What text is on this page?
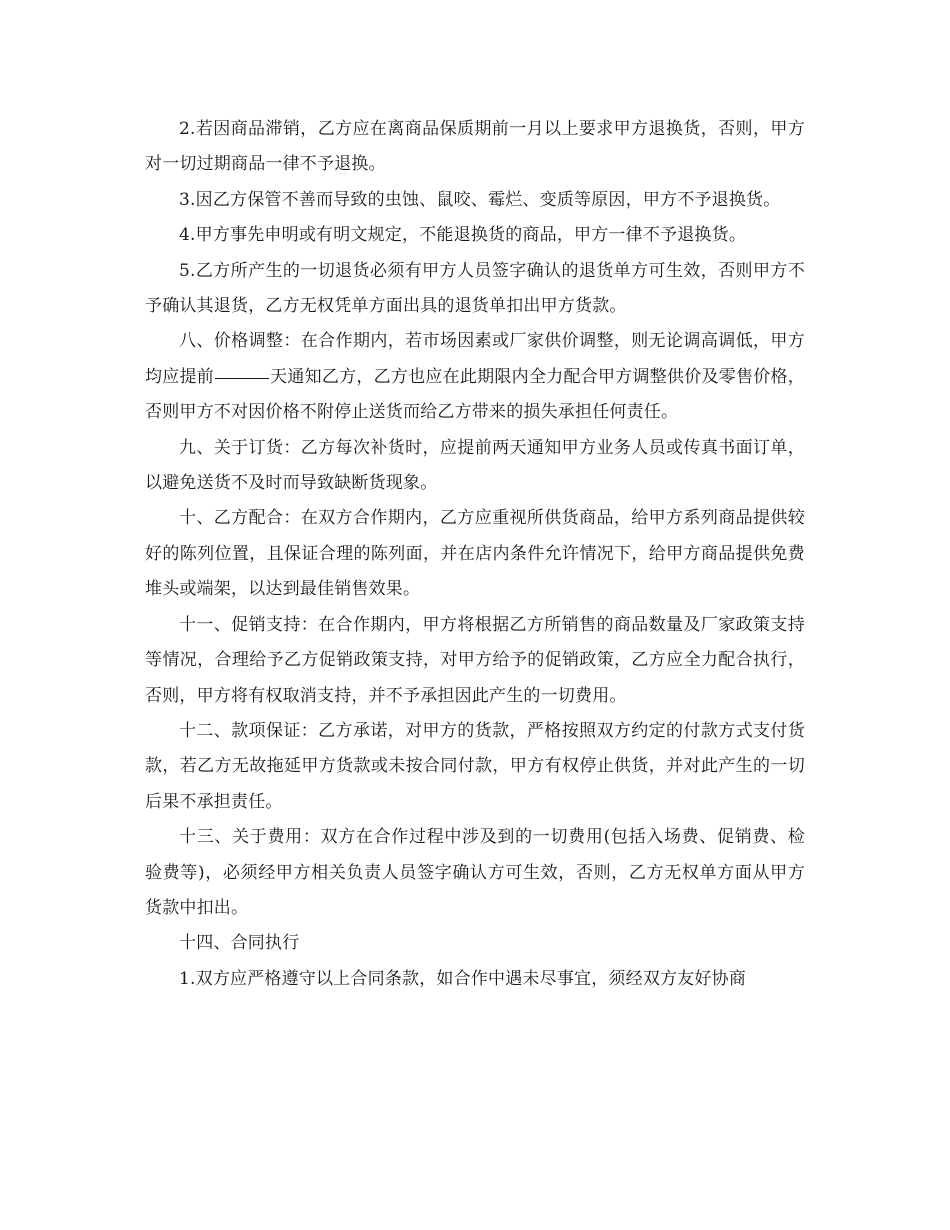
2.若因商品滞销，乙方应在离商品保质期前一月以上要求甲方退换货，否则，甲方对一切过期商品一律不予退换。

3.因乙方保管不善而导致的虫蚀、鼠咬、霉烂、变质等原因，甲方不予退换货。

4.甲方事先申明或有明文规定，不能退换货的商品，甲方一律不予退换货。

5.乙方所产生的一切退货必须有甲方人员签字确认的退货单方可生效，否则甲方不予确认其退货，乙方无权凭单方面出具的退货单扣出甲方货款。

八、价格调整：在合作期内，若市场因素或厂家供价调整，则无论调高调低，甲方均应提前	天通知乙方，乙方也应在此期限内全力配合甲方调整供价及零售价格，否则甲方不对因价格不附停止送货而给乙方带来的损失承担任何责任。

九、关于订货：乙方每次补货时，应提前两天通知甲方业务人员或传真书面订单，以避免送货不及时而导致缺断货现象。

十、乙方配合：在双方合作期内，乙方应重视所供货商品，给甲方系列商品提供较好的陈列位置，且保证合理的陈列面，并在店内条件允许情况下，给甲方商品提供免费堆头或端架，以达到最佳销售效果。

十一、促销支持：在合作期内，甲方将根据乙方所销售的商品数量及厂家政策支持等情况，合理给予乙方促销政策支持，对甲方给予的促销政策，乙方应全力配合执行，否则，甲方将有权取消支持，并不予承担因此产生的一切费用。

十二、款项保证：乙方承诺，对甲方的货款，严格按照双方约定的付款方式支付货款，若乙方无故拖延甲方货款或未按合同付款，甲方有权停止供货，并对此产生的一切后果不承担责任。

十三、关于费用：双方在合作过程中涉及到的一切费用(包括入场费、促销费、检验费等)，必须经甲方相关负责人员签字确认方可生效，否则，乙方无权单方面从甲方货款中扣出。

十四、合同执行

1.双方应严格遵守以上合同条款，如合作中遇未尽事宜，须经双方友好协商
